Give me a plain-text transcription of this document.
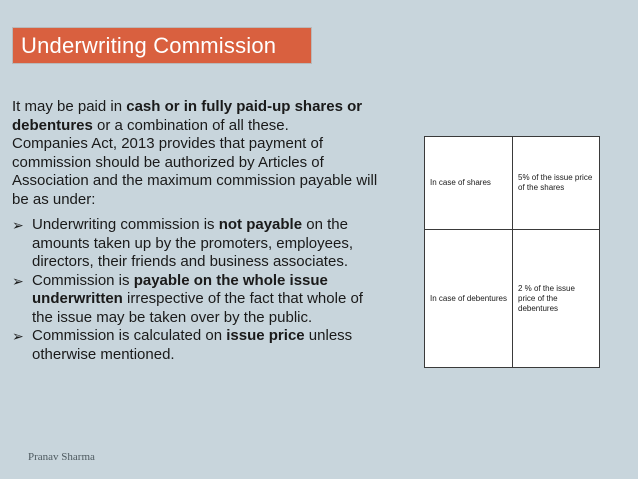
Underwriting Commission

It may be paid in cash or in fully paid-up shares or debentures or a combination of all these.

Companies Act, 2013 provides that payment of commission should be authorized by Articles of Association and the maximum commission payable will be as under:

➢ Underwriting commission is not payable on the amounts taken up by the promoters, employees, directors, their friends and business associates.
➢ Commission is payable on the whole issue underwritten irrespective of the fact that whole of the issue may be taken over by the public.
➢ Commission is calculated on issue price unless otherwise mentioned.
In case of shares	5% of the issue price of the shares
In case of debentures	2 % of the issue price of the debentures
Pranav Sharma
